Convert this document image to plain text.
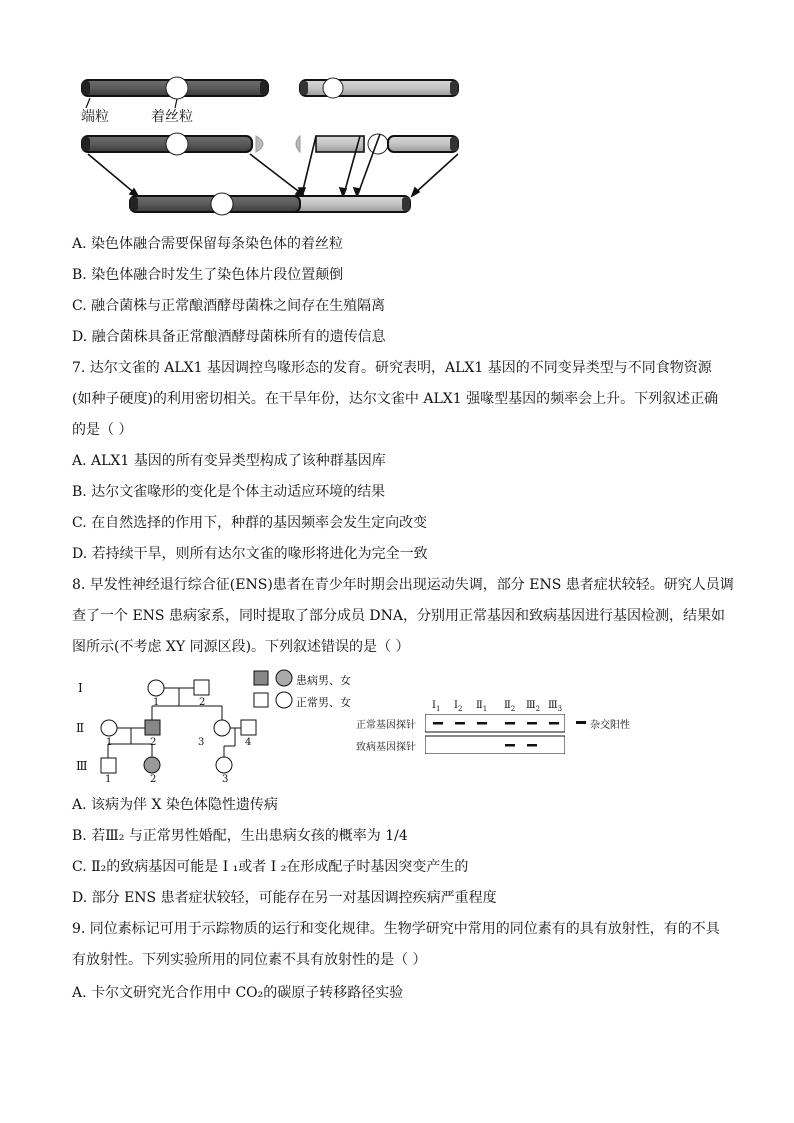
端粒	着丝粒
A. 染色体融合需要保留每条染色体的着丝粒
B. 染色体融合时发生了染色体片段位置颠倒
C. 融合菌株与正常酿酒酵母菌株之间存在生殖隔离
D. 融合菌株具备正常酿酒酵母菌株所有的遗传信息
7. 达尔文雀的 ALX1 基因调控鸟喙形态的发育。研究表明，ALX1 基因的不同变异类型与不同食物资源
(如种子硬度)的利用密切相关。在干旱年份，达尔文雀中 ALX1 强喙型基因的频率会上升。下列叙述正确
的是（ ）
A. ALX1 基因的所有变异类型构成了该种群基因库
B. 达尔文雀喙形的变化是个体主动适应环境的结果
C. 在自然选择的作用下，种群的基因频率会发生定向改变
D. 若持续干旱，则所有达尔文雀的喙形将进化为完全一致
8. 早发性神经退行综合征(ENS)患者在青少年时期会出现运动失调，部分 ENS 患者症状较轻。研究人员调
查了一个 ENS 患病家系，同时提取了部分成员 DNA，分别用正常基因和致病基因进行基因检测，结果如
图所示(不考虑 XY 同源区段)。下列叙述错误的是（ ）
Ⅰ
Ⅱ
Ⅲ
1	2
1	2	3	4
1	2	3
患病男、女
正常男、女	$I_1$ $I_2$ $Ⅱ_1$ $Ⅱ_2$ $Ⅲ_2$ $Ⅲ_3$
正常基因探针
致病基因探针
杂交阳性
A. 该病为伴 X 染色体隐性遗传病
B. 若Ⅲ₂ 与正常男性婚配，生出患病女孩的概率为 1/4
C. Ⅱ₂的致病基因可能是 I ₁或者 I ₂在形成配子时基因突变产生的
D. 部分 ENS 患者症状较轻，可能存在另一对基因调控疾病严重程度
9. 同位素标记可用于示踪物质的运行和变化规律。生物学研究中常用的同位素有的具有放射性，有的不具
有放射性。下列实验所用的同位素不具有放射性的是（ ）
A. 卡尔文研究光合作用中 CO₂的碳原子转移路径实验
